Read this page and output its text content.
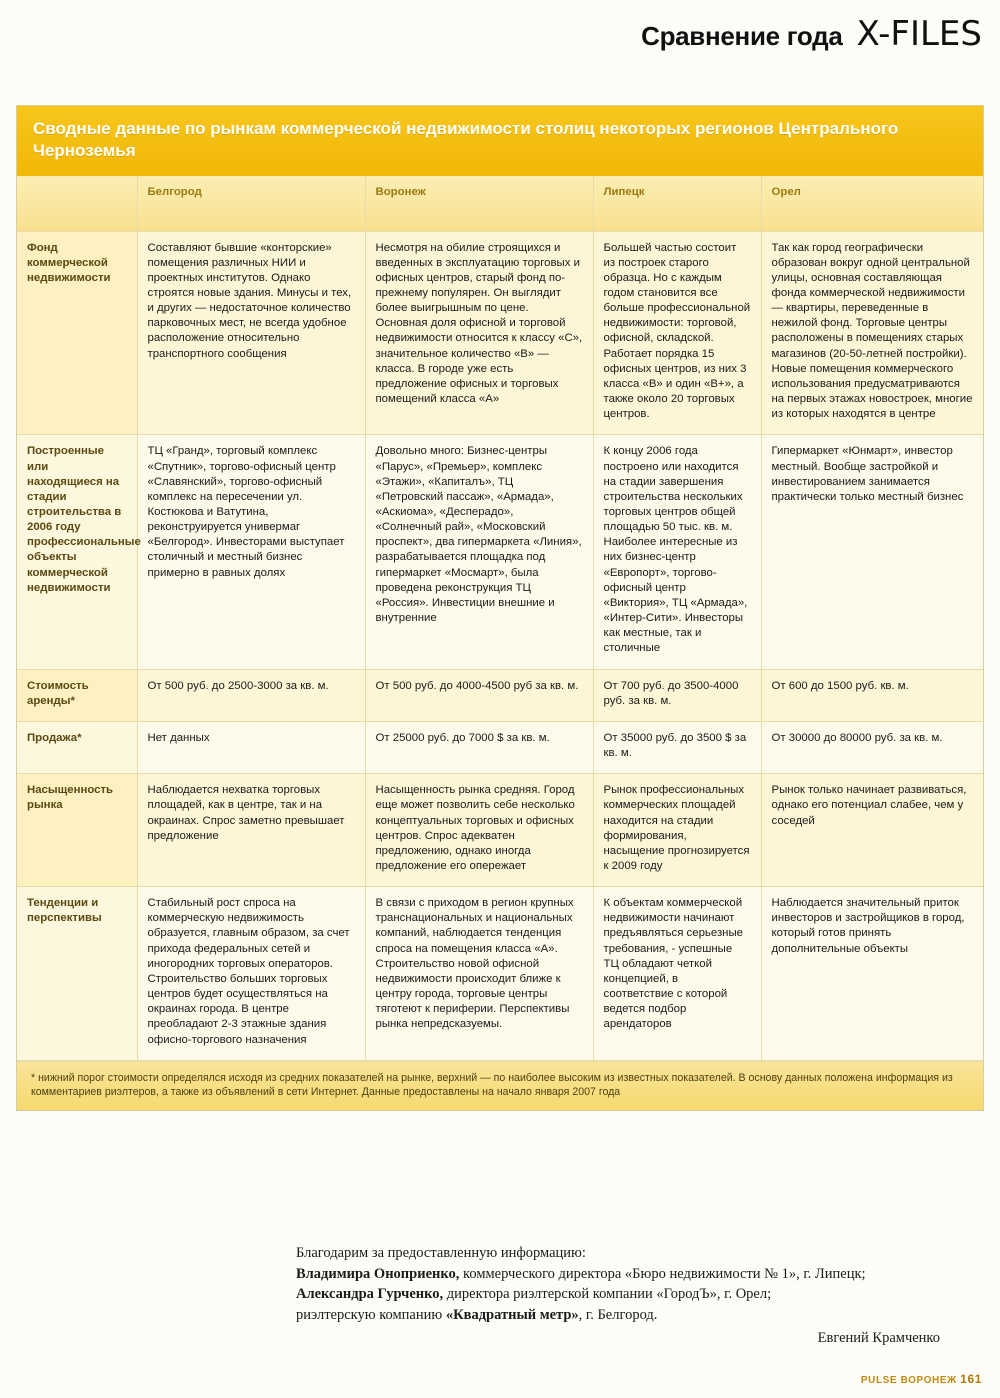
Сравнение года X-FILES
Сводные данные по рынкам коммерческой недвижимости столиц некоторых регионов Центрального Черноземья
	Белгород	Воронеж	Липецк	Орел
Фонд коммерческой недвижимости	Составляют бывшие «конторские» помещения различных НИИ и проектных институтов. Однако строятся новые здания. Минусы и тех, и других — недостаточное количество парковочных мест, не всегда удобное расположение относительно транспортного сообщения	Несмотря на обилие строящихся и введенных в эксплуатацию торговых и офисных центров, старый фонд по-прежнему популярен. Он выглядит более выигрышным по цене. Основная доля офисной и торговой недвижимости относится к классу «С», значительное количество «В» — класса. В городе уже есть предложение офисных и торговых помещений класса «А»	Большей частью состоит из построек старого образца. Но с каждым годом становится все больше профессиональной недвижимости: торговой, офисной, складской. Работает порядка 15 офисных центров, из них 3 класса «В» и один «В+», а также около 20 торговых центров.	Так как город географически образован вокруг одной центральной улицы, основная составляющая фонда коммерческой недвижимости — квартиры, переведенные в нежилой фонд. Торговые центры расположены в помещениях старых магазинов (20-50-летней постройки). Новые помещения коммерческого использования предусматриваются на первых этажах новостроек, многие из которых находятся в центре
Построенные или находящиеся на стадии строительства в 2006 году профессиональные объекты коммерческой недвижимости	ТЦ «Гранд», торговый комплекс «Спутник», торгово-офисный центр «Славянский», торгово-офисный комплекс на пересечении ул. Костюкова и Ватутина, реконструируется универмаг «Белгород». Инвесторами выступает столичный и местный бизнес примерно в равных долях	Довольно много: Бизнес-центры «Парус», «Премьер», комплекс «Этажи», «Капиталъ», ТЦ «Петровский пассаж», «Армада», «Аскиома», «Десперадо», «Солнечный рай», «Московский проспект», два гипермаркета «Линия», разрабатывается площадка под гипермаркет «Мосмарт», была проведена реконструкция ТЦ «Россия». Инвестиции внешние и внутренние	К концу 2006 года построено или находится на стадии завершения строительства нескольких торговых центров общей площадью 50 тыс. кв. м. Наиболее интересные из них бизнес-центр «Европорт», торгово-офисный центр «Виктория», ТЦ «Армада», «Интер-Сити». Инвесторы как местные, так и столичные	Гипермаркет «Юнмарт», инвестор местный. Вообще застройкой и инвестированием занимается практически только местный бизнес
Стоимость аренды*	От 500 руб. до 2500-3000 за кв. м.	От 500 руб. до 4000-4500 руб за кв. м.	От 700 руб. до 3500-4000 руб. за кв. м.	От 600 до 1500 руб. кв. м.
Продажа*	Нет данных	От 25000 руб. до 7000 $ за кв. м.	От 35000 руб. до 3500 $ за кв. м.	От 30000 до 80000 руб. за кв. м.
Насыщенность рынка	Наблюдается нехватка торговых площадей, как в центре, так и на окраинах. Спрос заметно превышает предложение	Насыщенность рынка средняя. Город еще может позволить себе несколько концептуальных торговых и офисных центров. Спрос адекватен предложению, однако иногда предложение его опережает	Рынок профессиональных коммерческих площадей находится на стадии формирования, насыщение прогнозируется к 2009 году	Рынок только начинает развиваться, однако его потенциал слабее, чем у соседей
Тенденции и перспективы	Стабильный рост спроса на коммерческую недвижимость образуется, главным образом, за счет прихода федеральных сетей и иногородних торговых операторов. Строительство больших торговых центров будет осуществляться на окраинах города. В центре преобладают 2-3 этажные здания офисно-торгового назначения	В связи с приходом в регион крупных транснациональных и национальных компаний, наблюдается тенденция спроса на помещения класса «А». Строительство новой офисной недвижимости происходит ближе к центру города, торговые центры тяготеют к периферии. Перспективы рынка непредсказуемы.	К объектам коммерческой недвижимости начинают предъявляться серьезные требования, - успешные ТЦ обладают четкой концепцией, в соответствие с которой ведется подбор арендаторов	Наблюдается значительный приток инвесторов и застройщиков в город, который готов принять дополнительные объекты
* нижний порог стоимости определялся исходя из средних показателей на рынке, верхний — по наиболее высоким из известных показателей. В основу данных положена информация из комментариев риэлтеров, а также из объявлений в сети Интернет. Данные предоставлены на начало января 2007 года
Благодарим за предоставленную информацию:
Владимира Оноприенко, коммерческого директора «Бюро недвижимости № 1», г. Липецк;
Александра Гурченко, директора риэлтерской компании «ГородЪ», г. Орел;
риэлтерскую компанию «Квадратный метр», г. Белгород.
Евгений Крамченко
PULSE ВОРОНЕЖ 161
